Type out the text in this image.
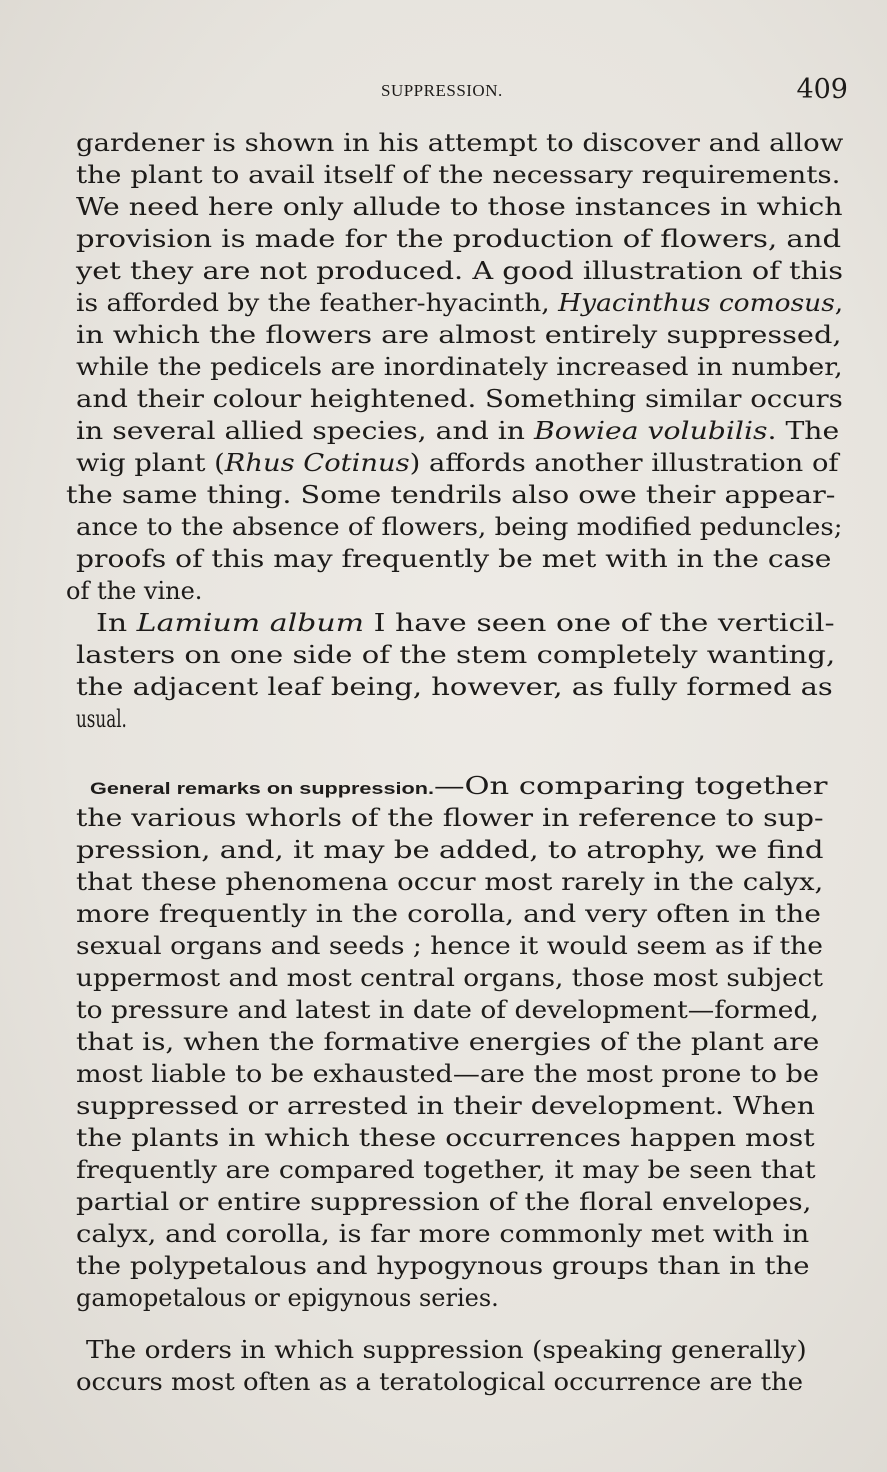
SUPPRESSION.	409
gardener is shown in his attempt to discover and allow
the plant to avail itself of the necessary requirements.
We need here only allude to those instances in which
provision is made for the production of flowers, and
yet they are not produced. A good illustration of this
is afforded by the feather-hyacinth, Hyacinthus comosus,
in which the flowers are almost entirely suppressed,
while the pedicels are inordinately increased in number,
and their colour heightened. Something similar occurs
in several allied species, and in Bowiea volubilis. The
wig plant (Rhus Cotinus) affords another illustration of
the same thing. Some tendrils also owe their appear-
ance to the absence of flowers, being modified peduncles;
proofs of this may frequently be met with in the case
of the vine.
In Lamium album I have seen one of the verticil-
lasters on one side of the stem completely wanting,
the adjacent leaf being, however, as fully formed as
usual.
General remarks on suppression.—On comparing together
the various whorls of the flower in reference to sup-
pression, and, it may be added, to atrophy, we find
that these phenomena occur most rarely in the calyx,
more frequently in the corolla, and very often in the
sexual organs and seeds ; hence it would seem as if the
uppermost and most central organs, those most subject
to pressure and latest in date of development—formed,
that is, when the formative energies of the plant are
most liable to be exhausted—are the most prone to be
suppressed or arrested in their development. When
the plants in which these occurrences happen most
frequently are compared together, it may be seen that
partial or entire suppression of the floral envelopes,
calyx, and corolla, is far more commonly met with in
the polypetalous and hypogynous groups than in the
gamopetalous or epigynous series.
The orders in which suppression (speaking generally)
occurs most often as a teratological occurrence are the
